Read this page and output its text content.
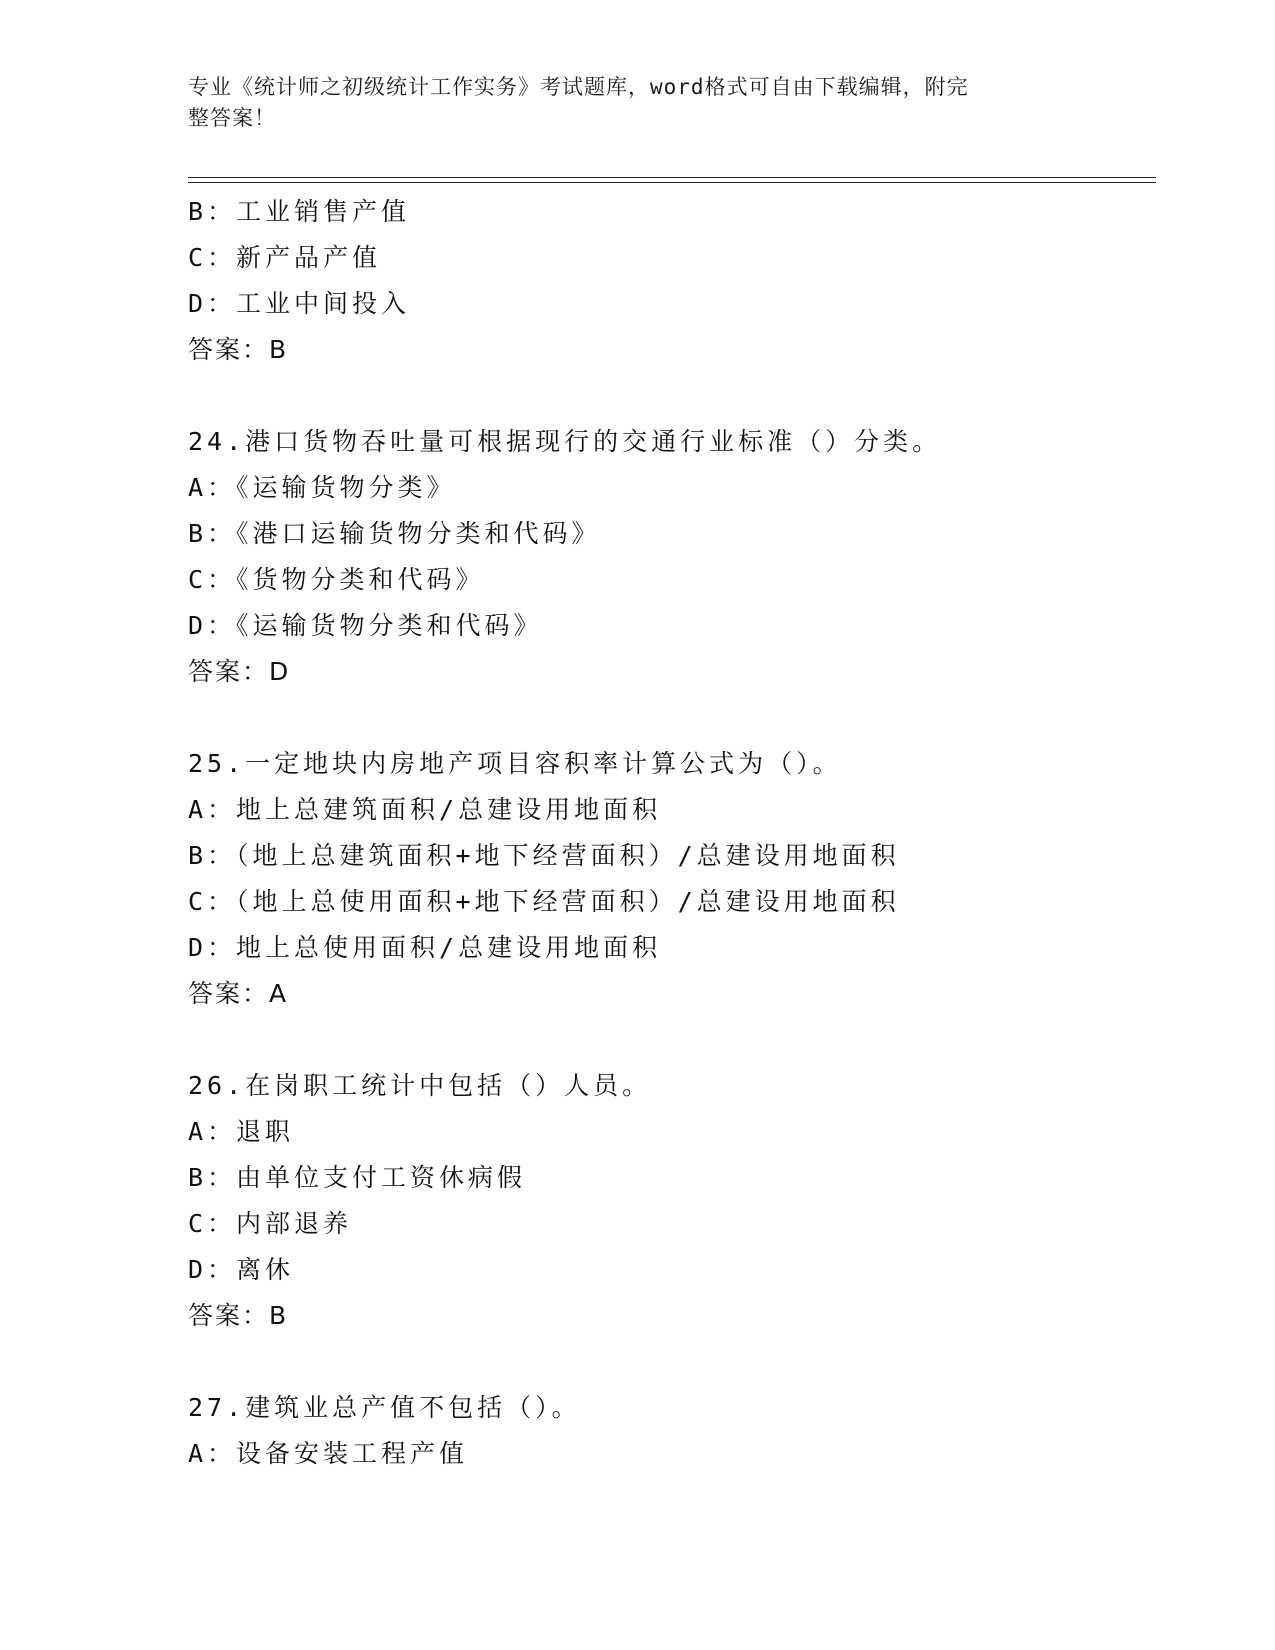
专业《统计师之初级统计工作实务》考试题库，word格式可自由下载编辑，附完
整答案！
B：工业销售产值
C：新产品产值
D：工业中间投入
答案：B
24.港口货物吞吐量可根据现行的交通行业标准（）分类。
A：《运输货物分类》
B：《港口运输货物分类和代码》
C：《货物分类和代码》
D：《运输货物分类和代码》
答案：D
25.一定地块内房地产项目容积率计算公式为（）。
A：地上总建筑面积/总建设用地面积
B：（地上总建筑面积+地下经营面积）/总建设用地面积
C：（地上总使用面积+地下经营面积）/总建设用地面积
D：地上总使用面积/总建设用地面积
答案：A
26.在岗职工统计中包括（）人员。
A：退职
B：由单位支付工资休病假
C：内部退养
D：离休
答案：B
27.建筑业总产值不包括（）。
A：设备安装工程产值
